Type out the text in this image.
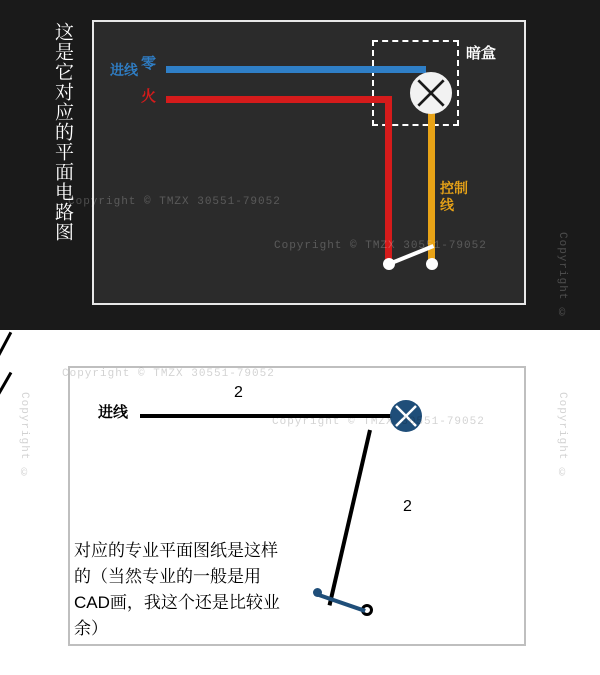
这是它对应的平面电路图	零
火
进线
暗盒
控制线
Copyright © TMZX 30551-79052
Copyright © TMZX 30551-79052	Copyright ©
2
进线
2
对应的专业平面图纸是这样的（当然专业的一般是用CAD画，我这个还是比较业余）
Copyright ©	Copyright ©
